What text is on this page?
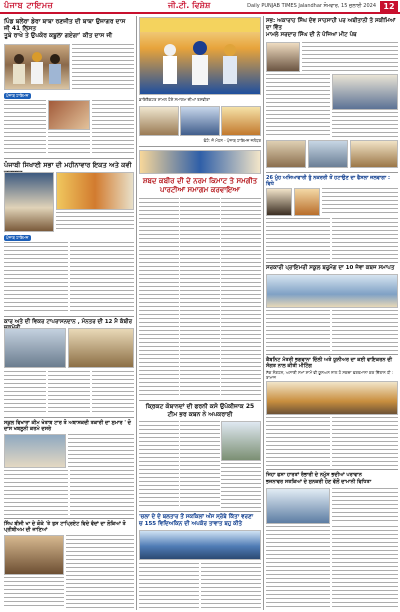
ਪੰਜਾਬ ਟਾਇਮਜ਼	ਜੀ.ਟੀ. ਵਿਸ਼ੇਸ਼	Daily PUNJAB TIMES Jalandhar ਸੋਮਵਾਰ, 15 ਜੁਲਾਈ 2024 12
ਪਿੰਡ ਬਲੇਰਾ ਡੇਰਾ ਬਾਬਾ ਰਣਜੀਤ ਦੀ ਬਾਬਾ ਉਜਾਗਰ ਦਾਸ ਜੀ 41 ਲਿਸਤ
ਤੂਬੇ ਰਾਖੇ ਤੇ ਉਪਕੋਰ ਕਬੂਲਾ ਗਏਗਾ' ਕੀਤ ਦਾਸ ਜੀ
ਪੰਜਾਬ ਟਾਇਮਜ਼
ਪੰਜਾਬੀ ਸਿਖਾਈ ਸਭਾ ਦੀ ਮਹੀਨਾਵਾਰ ਇਕਤ ਅਤੇ ਕਵੀ
ਪੰਜਾਬ ਟਾਇਮਜ਼
ਕਾਰ ਅਤੇ ਦੀ ਵਿਕਰ ਟਾਪਰਾਸਨਦਾਨ , ਮੰਨਤਰ ਦੀ 12 ਮੈ ਕੰਬੀਰ
ਸਕੂਲ ਵਿਖਾਰਾ ਕੀਮ ਖੇਤਾਬ ਟਾਰ ਤੋ ਅਬਾਸਕਦੀ ਤਕਾਰੀ ਦਾ ਸੁਮਾਰ ' ਦੋ ਦਾਸ ਖਬਲੂਨੀ ਕਰਮੇ ਦਸਰੇ
ਸਿੰਘ ਬੀਜੀ ਖਾ ਦੇ ਕੋਕੇ 'ਤੇ ਤੁਸ ਟਾਪ੍ਰਿਏਟ ਵਿਦੇ ਵੰਦਾਂ ਦਾ ਲੋਕਿਆਂ ਤੋ ਪ੍ਰੀਬੀਅਮ ਦੀ ਜਾਣਿਆਂ
ਡਾਇਰੈਕਟਰ ਸ਼ਾਮਲ ਹੋਏ ਸਮਾਗਮ ਦੀਆਂ ਤਸਵੀਰਾਂ
ਫੋਟੋ: ਜੋ ਮੋਹਨ - ਪੰਜਾਬ ਟਾਇਮਜ਼ ਜਲੰਧਰ
ਸ਼ਬਦ ਕਬੀਰ ਦੀ ਦੇ ਨਰਮ ਕਿਮਾਟ ਤੇ ਸਮਗੀਤ
ਪਾਰਟੀਆਂ ਸਮਾਗਮ ਕਰਵਾਇਆ
ਕ੍ਰਿਕਟ ਕੋਬਾਨਦਾਂ ਦੀ ਫਰਨੀ ਕਸੋ ਉਪੱਕੀਜਾਕ 25
ਟੀਮ ਭਰ ਕਬਨ ਨੇ ਅਪਕਰਾਈ
'ਚਲਾ ਦੇ ਦੇ ਬਲਤਾਰ ਤੋਂ ਸਕਕਿਲਾਂ ਅੰਸ ਸ੍ਰੋਬੇ ਕਿੱਤਾ ਵਰਣਾ
ਚ 155 ਵਿਦਿਅਕਿਨ ਦੀ ਅਪਕੋਰ ਤਾਵਾਤ ਬਹੁ ਕੀਤੇ
ਸਭ: ਅਕਾਰਾਹ ਸਿੰਘ ਦੇਵ ਸਾਹਸਾਹੀ ਪਰ ਅਬੀਤਾਨੀ ਤੋ ਸਕੀਮਿਆਂ ਦਾ ਵਿੰਤ
ਮਾਮਲੇ ਸਰਦਾਰ ਸਿੰਘ ਦੀ ਨੇ ਪੰਜਿਆਂ ਮੀਟ ਪੰਥ
26 ਮੂੰਹ ਅਜਿਆਵਾਰੀ ਤੂੰ ਨਕਰਰੀ ਤੋਂ ਹਟਾਉਣ ਦਾ ਫੈਸਲਾ ਜਲਵਾਗਾ : ਵਿਧੇ
ਸਰਕਾਰੀ ਪ੍ਰਾਇਮਰੀ ਸਕੂਲ ਬਰੂਮੋਗ ਦਾ 10 ਜੇਵਾ ਕਬਜ ਸਮਾਪਤ
ਕੈਬਨਿਟ ਮੰਤਰੀ ਭਗਵਾਨਾ ਦਿੱਲੀ ਅਤੇ ਯੂਨੀਅਰ ਦਾ ਕਈ ਵਾਇਕਰਨ ਦੀ ਸੰਗਤ ਨਾਲ ਕੀਤੀ ਮੀਟਿੰਗ
ਸੱਕ ਸੰਗਠਨ, ਅਸਾਰੀ ਸਮਾਂ ਸ਼ਾਮੋਂ ਵੀ ਯੂਨਅਨ ਨਾਲ ਹੋ ਸਕਦਾ ਵਰਤਮਾਨਾ ਕਰ ਦਿੱਤਾਨ ਹੀ : ਰਾਮਾਜ
ਜਿਹਾ ਫਸਾ ਹਾਰਤਾਂ ਰੰਭਾਰੀ ਦੇ ਨਮੂੱਸ ਭਦੀਆਂ ਪਰਾਵਾਨ
ਭਜਨਾਵਰ ਸਤਕਿਆਂ ਦੇ ਸੁਨਕਰੀ ਹੋਣ ਵੱਲੋਂ ਦਾਮਾਨੀ ਵਿਧਿਤਾ
